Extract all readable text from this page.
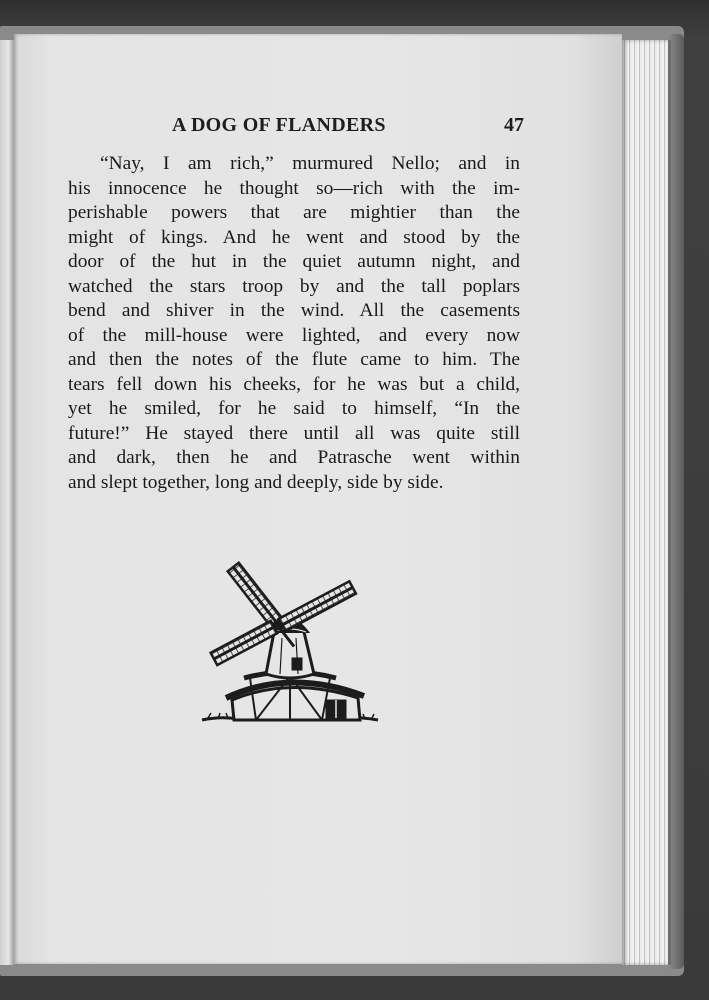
A DOG OF FLANDERS	47
“Nay, I am rich,” murmured Nello; and in
his innocence he thought so—rich with the im-
perishable powers that are mightier than the
might of kings. And he went and stood by the
door of the hut in the quiet autumn night, and
watched the stars troop by and the tall poplars
bend and shiver in the wind. All the casements
of the mill-house were lighted, and every now
and then the notes of the flute came to him. The
tears fell down his cheeks, for he was but a child,
yet he smiled, for he said to himself, “In the
future!” He stayed there until all was quite still
and dark, then he and Patrasche went within
and slept together, long and deeply, side by side.
